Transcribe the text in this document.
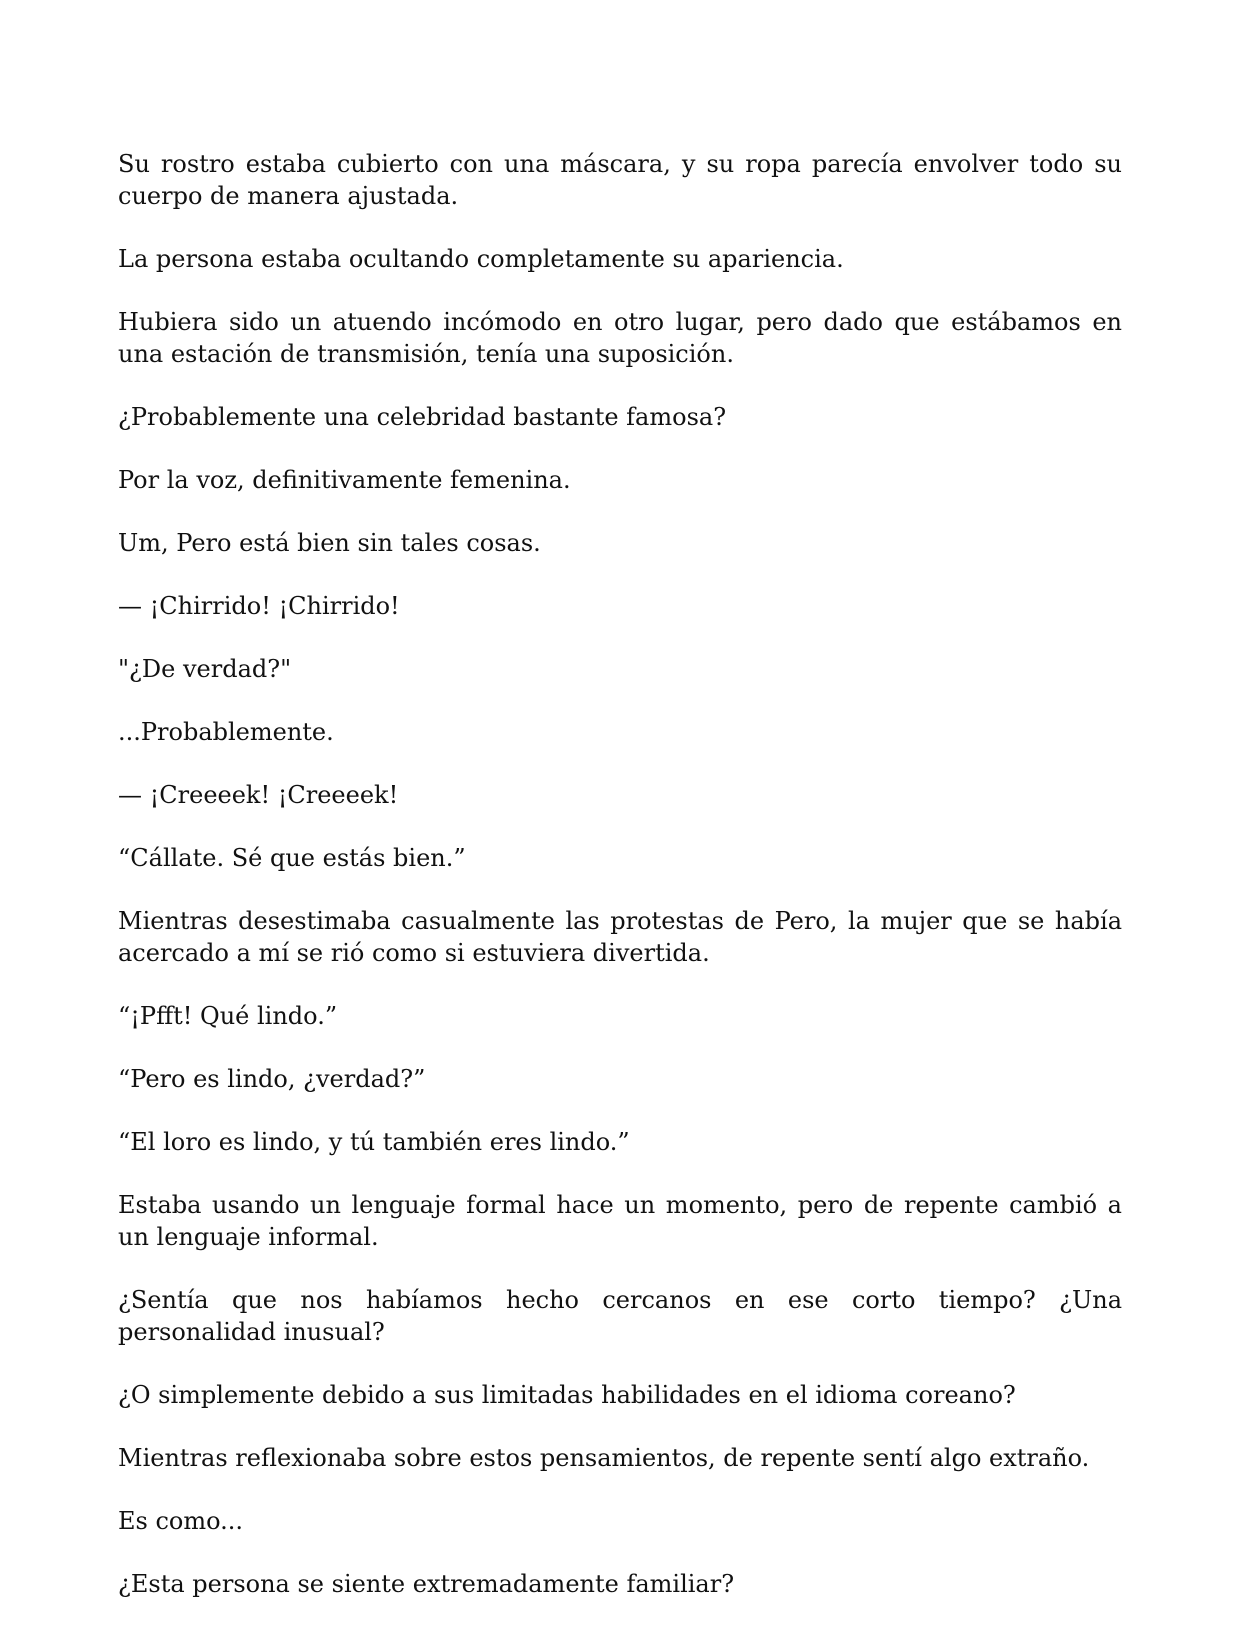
Su rostro estaba cubierto con una máscara, y su ropa parecía envolver todo su cuerpo de manera ajustada.

La persona estaba ocultando completamente su apariencia.

Hubiera sido un atuendo incómodo en otro lugar, pero dado que estábamos en una estación de transmisión, tenía una suposición.

¿Probablemente una celebridad bastante famosa?

Por la voz, definitivamente femenina.

Um, Pero está bien sin tales cosas.

— ¡Chirrido! ¡Chirrido!

"¿De verdad?"

...Probablemente.

— ¡Creeeek! ¡Creeeek!

“Cállate. Sé que estás bien.”

Mientras desestimaba casualmente las protestas de Pero, la mujer que se había acercado a mí se rió como si estuviera divertida.

“¡Pfft! Qué lindo.”

“Pero es lindo, ¿verdad?”

“El loro es lindo, y tú también eres lindo.”

Estaba usando un lenguaje formal hace un momento, pero de repente cambió a un lenguaje informal.

¿Sentía que nos habíamos hecho cercanos en ese corto tiempo? ¿Una personalidad inusual?

¿O simplemente debido a sus limitadas habilidades en el idioma coreano?

Mientras reflexionaba sobre estos pensamientos, de repente sentí algo extraño.

Es como...

¿Esta persona se siente extremadamente familiar?
